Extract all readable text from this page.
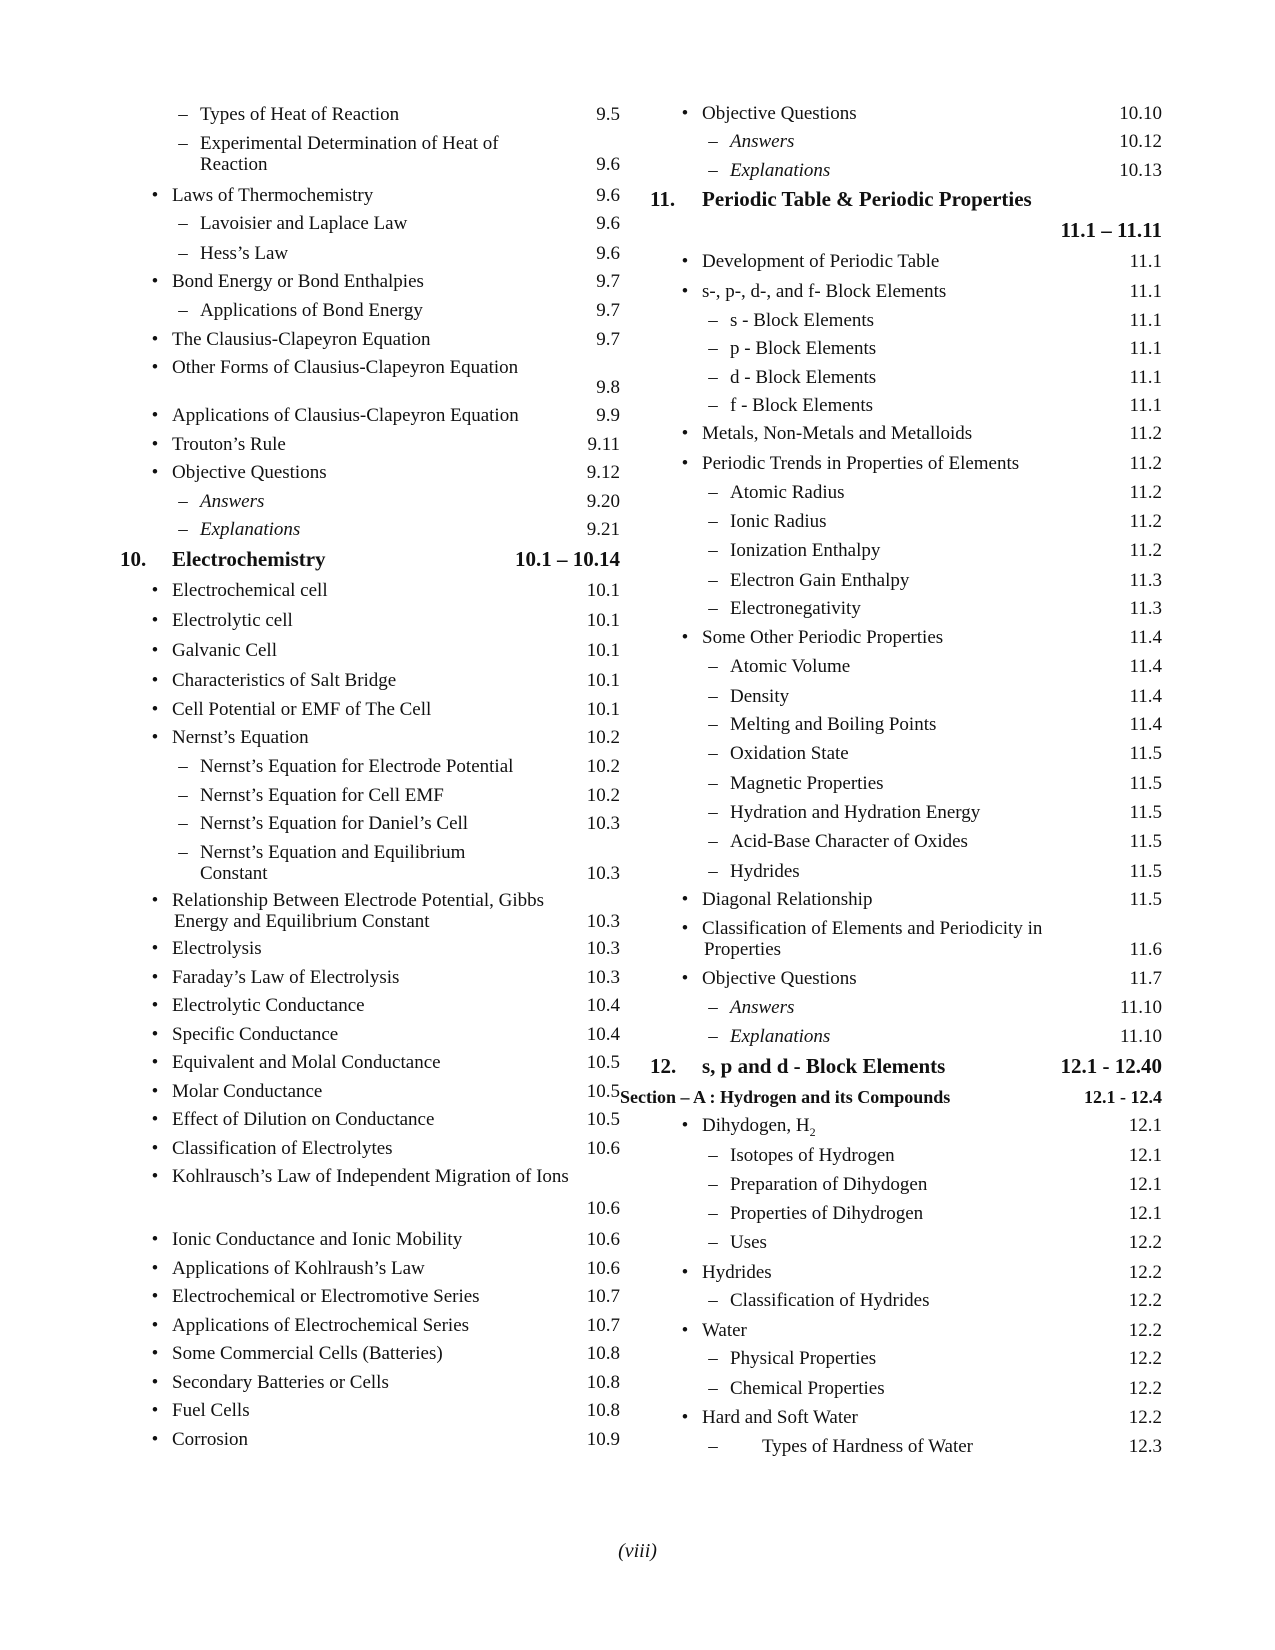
– Types of Heat of Reaction	9.5
– Experimental Determination of Heat of
Reaction	9.6
• Laws of Thermochemistry	9.6
– Lavoisier and Laplace Law	9.6
– Hess’s Law	9.6
• Bond Energy or Bond Enthalpies	9.7
– Applications of Bond Energy	9.7
• The Clausius-Clapeyron Equation	9.7
• Other Forms of Clausius-Clapeyron Equation
9.8
• Applications of Clausius-Clapeyron Equation	9.9
• Trouton’s Rule	9.11
• Objective Questions	9.12
– Answers	9.20
– Explanations	9.21
10. Electrochemistry	10.1 – 10.14
• Electrochemical cell	10.1
• Electrolytic cell	10.1
• Galvanic Cell	10.1
• Characteristics of Salt Bridge	10.1
• Cell Potential or EMF of The Cell	10.1
• Nernst’s Equation	10.2
– Nernst’s Equation for Electrode Potential	10.2
– Nernst’s Equation for Cell EMF	10.2
– Nernst’s Equation for Daniel’s Cell	10.3
– Nernst’s Equation and Equilibrium
Constant	10.3
• Relationship Between Electrode Potential, Gibbs
Energy and Equilibrium Constant	10.3
• Electrolysis	10.3
• Faraday’s Law of Electrolysis	10.3
• Electrolytic Conductance	10.4
• Specific Conductance	10.4
• Equivalent and Molal Conductance	10.5
• Molar Conductance	10.5
• Effect of Dilution on Conductance	10.5
• Classification of Electrolytes	10.6
• Kohlrausch’s Law of Independent Migration of Ions
10.6
• Ionic Conductance and Ionic Mobility	10.6
• Applications of Kohlraush’s Law	10.6
• Electrochemical or Electromotive Series	10.7
• Applications of Electrochemical Series	10.7
• Some Commercial Cells (Batteries)	10.8
• Secondary Batteries or Cells	10.8
• Fuel Cells	10.8
• Corrosion	10.9
• Objective Questions	10.10
– Answers	10.12
– Explanations	10.13
11. Periodic Table & Periodic Properties
11.1 – 11.11
• Development of Periodic Table	11.1
• s-, p-, d-, and f- Block Elements	11.1
– s - Block Elements	11.1
– p - Block Elements	11.1
– d - Block Elements	11.1
– f - Block Elements	11.1
• Metals, Non-Metals and Metalloids	11.2
• Periodic Trends in Properties of Elements	11.2
– Atomic Radius	11.2
– Ionic Radius	11.2
– Ionization Enthalpy	11.2
– Electron Gain Enthalpy	11.3
– Electronegativity	11.3
• Some Other Periodic Properties	11.4
– Atomic Volume	11.4
– Density	11.4
– Melting and Boiling Points	11.4
– Oxidation State	11.5
– Magnetic Properties	11.5
– Hydration and Hydration Energy	11.5
– Acid-Base Character of Oxides	11.5
– Hydrides	11.5
• Diagonal Relationship	11.5
• Classification of Elements and Periodicity in
Properties	11.6
• Objective Questions	11.7
– Answers	11.10
– Explanations	11.10
12. s, p and d - Block Elements	12.1 - 12.40
Section – A : Hydrogen and its Compounds	12.1 - 12.4
• Dihydogen, $H_2$	12.1
– Isotopes of Hydrogen	12.1
– Preparation of Dihydogen	12.1
– Properties of Dihydrogen	12.1
– Uses	12.2
• Hydrides	12.2
– Classification of Hydrides	12.2
• Water	12.2
– Physical Properties	12.2
– Chemical Properties	12.2
• Hard and Soft Water	12.2
–	Types of Hardness of Water	12.3
(viii)
